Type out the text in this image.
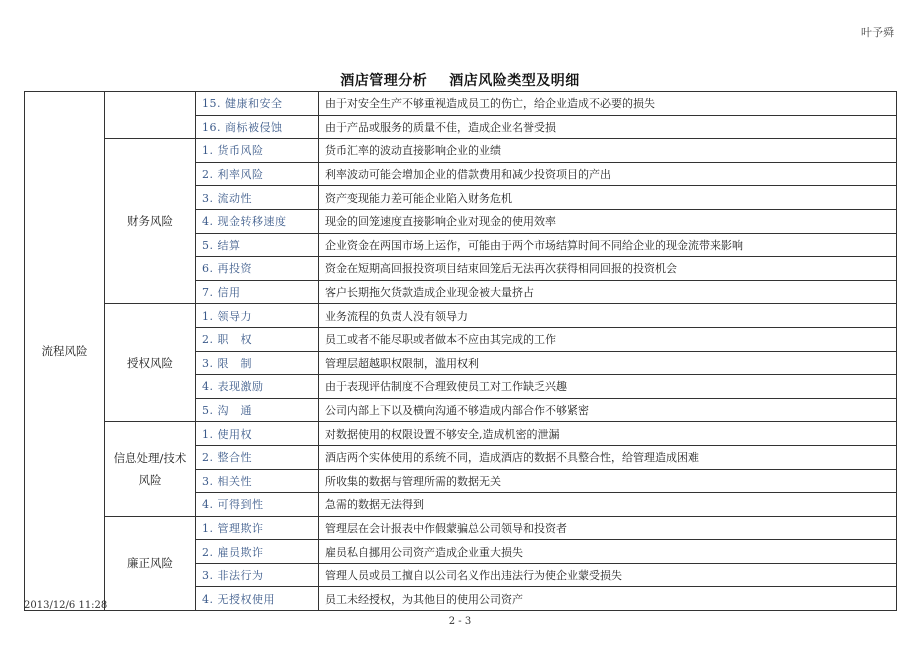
叶予舜
酒店管理分析 酒店风险类型及明细
流程风险		15. 健康和安全	由于对安全生产不够重视造成员工的伤亡，给企业造成不必要的损失
		16. 商标被侵蚀	由于产品或服务的质量不佳，造成企业名誉受损
	财务风险	1. 货币风险	货币汇率的波动直接影响企业的业绩
		2. 利率风险	利率波动可能会增加企业的借款费用和减少投资项目的产出
		3. 流动性	资产变现能力差可能企业陷入财务危机
		4. 现金转移速度	现金的回笼速度直接影响企业对现金的使用效率
		5. 结算	企业资金在两国市场上运作，可能由于两个市场结算时间不同给企业的现金流带来影响
		6. 再投资	资金在短期高回报投资项目结束回笼后无法再次获得相同回报的投资机会
		7. 信用	客户长期拖欠货款造成企业现金被大量挤占
	授权风险	1. 领导力	业务流程的负责人没有领导力
		2. 职　权	员工或者不能尽职或者做本不应由其完成的工作
		3. 限　制	管理层超越职权限制，滥用权利
		4. 表现激励	由于表现评估制度不合理致使员工对工作缺乏兴趣
		5. 沟　通	公司内部上下以及横向沟通不够造成内部合作不够紧密
	信息处理/技术风险	1. 使用权	对数据使用的权限设置不够安全,造成机密的泄漏
		2. 整合性	酒店两个实体使用的系统不同，造成酒店的数据不具整合性，给管理造成困难
		3. 相关性	所收集的数据与管理所需的数据无关
		4. 可得到性	急需的数据无法得到
	廉正风险	1. 管理欺诈	管理层在会计报表中作假蒙骗总公司领导和投资者
		2. 雇员欺诈	雇员私自挪用公司资产造成企业重大损失
		3. 非法行为	管理人员或员工擅自以公司名义作出违法行为使企业蒙受损失
		4. 无授权使用	员工未经授权，为其他目的使用公司资产
2013/12/6 11:28
2 - 3
